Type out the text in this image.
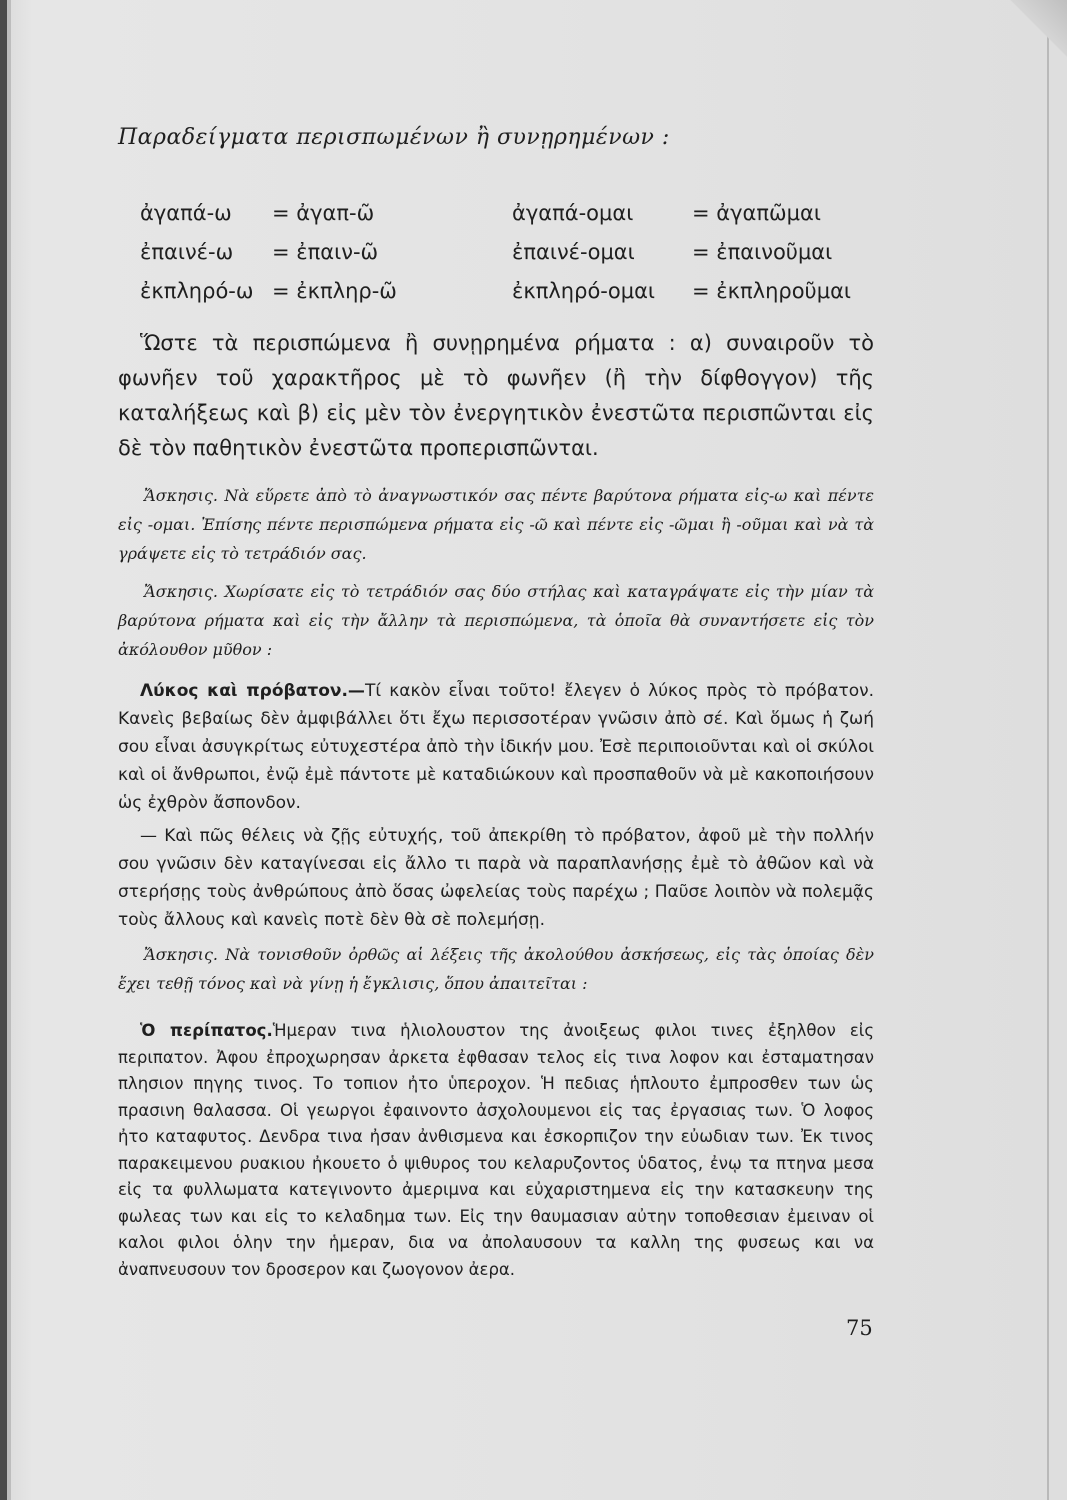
Παραδείγματα περισπωμένων ἢ συνῃρημένων :
ἀγαπά-ω	= ἀγαπ-ῶ	ἀγαπά-ομαι	= ἀγαπῶμαι
ἐπαινέ-ω	= ἐπαιν-ῶ	ἐπαινέ-ομαι	= ἐπαινοῦμαι
ἐκπληρό-ω = ἐκπληρ-ῶ	ἐκπληρό-ομαι	= ἐκπληροῦμαι
Ὥστε τὰ περισπώμενα ἢ συνῃρημένα ρήματα : α) συναιροῦν τὸ φωνῆεν τοῦ χαρακτῆρος μὲ τὸ φωνῆεν (ἢ τὴν δίφθογγον) τῆς καταλήξεως καὶ β) εἰς μὲν τὸν ἐνεργητικὸν ἐνεστῶτα περισπῶνται εἰς δὲ τὸν παθητικὸν ἐνεστῶτα προπερισπῶνται.
Ἄσκησις. Νὰ εὕρετε ἀπὸ τὸ ἀναγνωστικόν σας πέντε βαρύτονα ρήματα εἰς-ω καὶ πέντε εἰς -ομαι. Ἐπίσης πέντε περισπώμενα ρήματα εἰς -ῶ καὶ πέντε εἰς -ῶμαι ἢ -οῦμαι καὶ νὰ τὰ γράψετε εἰς τὸ τετράδιόν σας.
Ἄσκησις. Χωρίσατε εἰς τὸ τετράδιόν σας δύο στήλας καὶ καταγράψατε εἰς τὴν μίαν τὰ βαρύτονα ρήματα καὶ εἰς τὴν ἄλλην τὰ περισπώμενα, τὰ ὁποῖα θὰ συναντήσετε εἰς τὸν ἀκόλουθον μῦθον :
Λύκος καὶ πρόβατον.—Τί κακὸν εἶναι τοῦτο! ἔλεγεν ὁ λύκος πρὸς τὸ πρόβατον. Κανεὶς βεβαίως δὲν ἀμφιβάλλει ὅτι ἔχω περισσοτέραν γνῶσιν ἀπὸ σέ. Καὶ ὅμως ἡ ζωή σου εἶναι ἀσυγκρίτως εὐτυχεστέρα ἀπὸ τὴν ἰδικήν μου. Ἐσὲ περιποιοῦνται καὶ οἱ σκύλοι καὶ οἱ ἄνθρωποι, ἐνῷ ἐμὲ πάντοτε μὲ καταδιώκουν καὶ προσπαθοῦν νὰ μὲ κακοποιήσουν ὡς ἐχθρὸν ἄσπονδον.
— Καὶ πῶς θέλεις νὰ ζῇς εὐτυχής, τοῦ ἀπεκρίθη τὸ πρόβατον, ἀφοῦ μὲ τὴν πολλήν σου γνῶσιν δὲν καταγίνεσαι εἰς ἄλλο τι παρὰ νὰ παραπλανήσῃς ἐμὲ τὸ ἀθῶον καὶ νὰ στερήσῃς τοὺς ἀνθρώπους ἀπὸ ὅσας ὠφελείας τοὺς παρέχω ; Παῦσε λοιπὸν νὰ πολεμᾷς τοὺς ἄλλους καὶ κανεὶς ποτὲ δὲν θὰ σὲ πολεμήσῃ.
Ἄσκησις. Νὰ τονισθοῦν ὀρθῶς αἱ λέξεις τῆς ἀκολούθου ἀσκήσεως, εἰς τὰς ὁποίας δὲν ἔχει τεθῇ τόνος καὶ νὰ γίνῃ ἡ ἔγκλισις, ὅπου ἀπαιτεῖται :
Ὁ περίπατος.Ἡμεραν τινα ἡλιολουστον της ἀνοιξεως φιλοι τινες ἐξηλθον εἰς περιπατον. Ἀφου ἐπροχωρησαν ἀρκετα ἐφθασαν τελος εἰς τινα λοφον και ἐσταματησαν πλησιον πηγης τινος. Το τοπιον ἠτο ὑπεροχον. Ἡ πεδιας ἡπλουτο ἐμπροσθεν των ὡς πρασινη θαλασσα. Οἱ γεωργοι ἐφαινοντο ἀσχολουμενοι εἰς τας ἐργασιας των. Ὁ λοφος ἠτο καταφυτος. Δενδρα τινα ἠσαν ἀνθισμενα και ἐσκορπιζον την εὐωδιαν των. Ἐκ τινος παρακειμενου ρυακιου ἠκουετο ὁ ψιθυρος του κελαρυζοντος ὑδατος, ἐνῳ τα πτηνα μεσα εἰς τα φυλλωματα κατεγινοντο ἀμεριμνα και εὐχαριστημενα εἰς την κατασκευην της φωλεας των και εἰς το κελαδημα των. Εἰς την θαυμασιαν αὐτην τοποθεσιαν ἐμειναν οἱ καλοι φιλοι ὁλην την ἡμεραν, δια να ἀπολαυσουν τα καλλη της φυσεως και να ἀναπνευσουν τον δροσερον και ζωογονον ἀερα.
75
